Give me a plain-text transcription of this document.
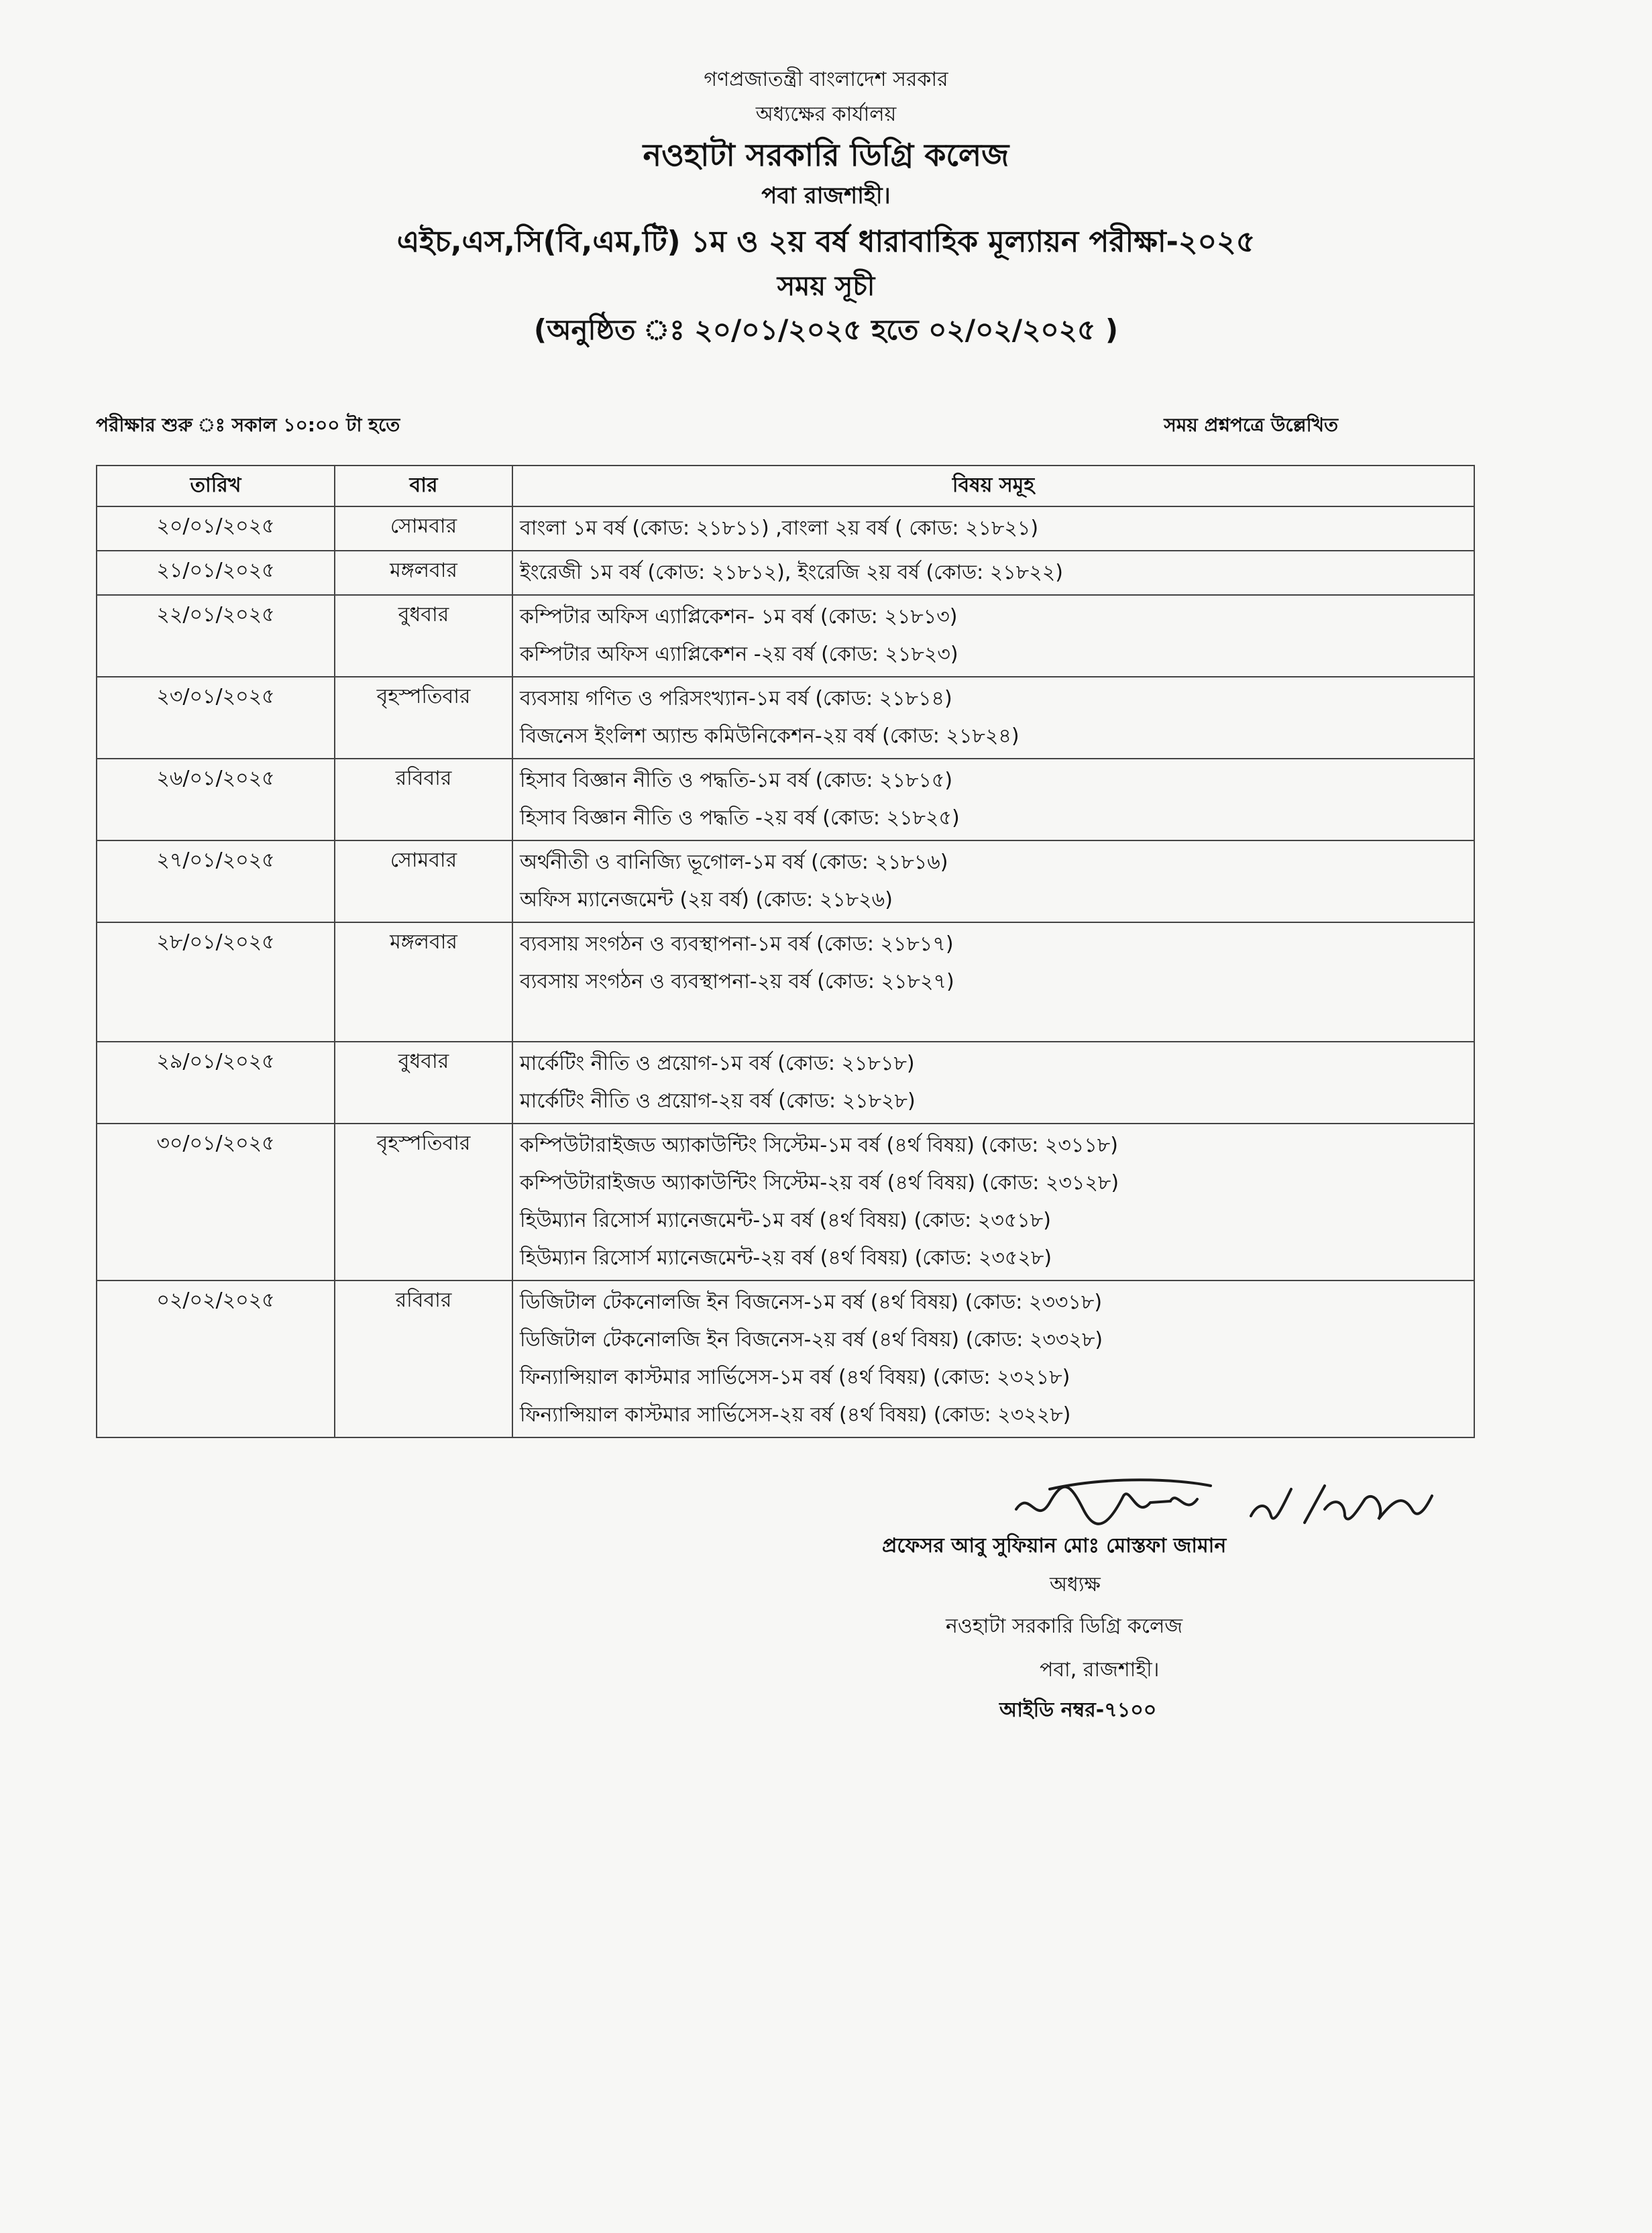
গণপ্রজাতন্ত্রী বাংলাদেশ সরকার

অধ্যক্ষের কার্যালয়

নওহাটা সরকারি ডিগ্রি কলেজ

পবা রাজশাহী।

এইচ,এস,সি(বি,এম,টি) ১ম ও ২য় বর্ষ ধারাবাহিক মূল্যায়ন পরীক্ষা-২০২৫

সময় সূচী

(অনুষ্ঠিত ঃ ২০/০১/২০২৫ হতে ০২/০২/২০২৫ )

পরীক্ষার শুরু ঃ সকাল ১০:০০ টা হতে	সময় প্রশ্নপত্রে উল্লেখিত
তারিখ	বার	বিষয় সমূহ
২০/০১/২০২৫	সোমবার	বাংলা ১ম বর্ষ (কোড: ২১৮১১) ,বাংলা ২য় বর্ষ ( কোড: ২১৮২১)

২১/০১/২০২৫	মঙ্গলবার	ইংরেজী ১ম বর্ষ (কোড: ২১৮১২), ইংরেজি ২য় বর্ষ (কোড: ২১৮২২)

২২/০১/২০২৫	বুধবার	কম্পিটার অফিস এ্যাপ্লিকেশন- ১ম বর্ষ (কোড: ২১৮১৩)
কম্পিটার অফিস এ্যাপ্লিকেশন -২য় বর্ষ (কোড: ২১৮২৩)

২৩/০১/২০২৫	বৃহস্পতিবার	ব্যবসায় গণিত ও পরিসংখ্যান-১ম বর্ষ (কোড: ২১৮১৪)
বিজনেস ইংলিশ অ্যান্ড কমিউনিকেশন-২য় বর্ষ (কোড: ২১৮২৪)

২৬/০১/২০২৫	রবিবার	হিসাব বিজ্ঞান নীতি ও পদ্ধতি-১ম বর্ষ (কোড: ২১৮১৫)
হিসাব বিজ্ঞান নীতি ও পদ্ধতি -২য় বর্ষ (কোড: ২১৮২৫)

২৭/০১/২০২৫	সোমবার	অর্থনীতী ও বানিজ্যি ভূগোল-১ম বর্ষ (কোড: ২১৮১৬)
অফিস ম্যানেজমেন্ট (২য় বর্ষ) (কোড: ২১৮২৬)

২৮/০১/২০২৫	মঙ্গলবার	ব্যবসায় সংগঠন ও ব্যবস্থাপনা-১ম বর্ষ (কোড: ২১৮১৭)
ব্যবসায় সংগঠন ও ব্যবস্থাপনা-২য় বর্ষ (কোড: ২১৮২৭)

২৯/০১/২০২৫	বুধবার	মার্কেটিং নীতি ও প্রয়োগ-১ম বর্ষ (কোড: ২১৮১৮)
মার্কেটিং নীতি ও প্রয়োগ-২য় বর্ষ (কোড: ২১৮২৮)

৩০/০১/২০২৫	বৃহস্পতিবার	কম্পিউটারাইজড অ্যাকাউন্টিং সিস্টেম-১ম বর্ষ (৪র্থ বিষয়) (কোড: ২৩১১৮)
কম্পিউটারাইজড অ্যাকাউন্টিং সিস্টেম-২য় বর্ষ (৪র্থ বিষয়) (কোড: ২৩১২৮)
হিউম্যান রিসোর্স ম্যানেজমেন্ট-১ম বর্ষ (৪র্থ বিষয়) (কোড: ২৩৫১৮)
হিউম্যান রিসোর্স ম্যানেজমেন্ট-২য় বর্ষ (৪র্থ বিষয়) (কোড: ২৩৫২৮)

০২/০২/২০২৫	রবিবার	ডিজিটাল টেকনোলজি ইন বিজনেস-১ম বর্ষ (৪র্থ বিষয়) (কোড: ২৩৩১৮)
ডিজিটাল টেকনোলজি ইন বিজনেস-২য় বর্ষ (৪র্থ বিষয়) (কোড: ২৩৩২৮)
ফিন্যান্সিয়াল কাস্টমার সার্ভিসেস-১ম বর্ষ (৪র্থ বিষয়) (কোড: ২৩২১৮)
ফিন্যান্সিয়াল কাস্টমার সার্ভিসেস-২য় বর্ষ (৪র্থ বিষয়) (কোড: ২৩২২৮)
প্রফেসর আবু সুফিয়ান মোঃ মোস্তফা জামান
অধ্যক্ষ
নওহাটা সরকারি ডিগ্রি কলেজ
পবা, রাজশাহী।
আইডি নম্বর-৭১০০
